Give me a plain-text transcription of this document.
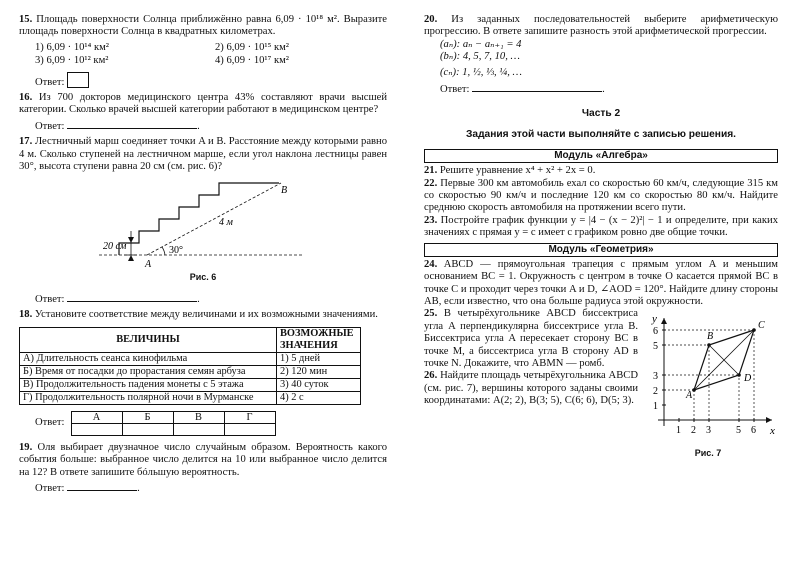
15. Площадь поверхности Солнца приближённо равна 6,09 · 10¹⁸ м². Выразите площадь поверхности Солнца в квадратных километрах.

1) 6,09 · 10¹⁴ км²	2) 6,09 · 10¹⁵ км²
3) 6,09 · 10¹² км²	4) 6,09 · 10¹⁷ км²

Ответ:

16. Из 700 докторов медицинского центра 43% составляют врачи высшей категории. Сколько врачей высшей категории работают в медицинском центре?

Ответ:	.

17. Лестничный марш соединяет точки A и B. Расстояние между которыми равно 4 м. Сколько ступеней на лестничном марше, если угол наклона лестницы равен 30°, высота ступени равна 20 см (см. рис. 6)?

20 см	30°
A
B
4 м

Рис. 6

Ответ:	.

18. Установите соответствие между величинами и их возможными значениями.

ВЕЛИЧИНЫ	ВОЗМОЖНЫЕ ЗНАЧЕНИЯ
А) Длительность сеанса кинофильма	1) 5 дней
Б) Время от посадки до прорастания семян арбуза	2) 120 мин
В) Продолжительность падения монеты с 5 этажа	3) 40 суток
Г) Продолжительность полярной ночи в Мурманске	4) 2 с
Ответ:	А	Б	В	Г

19. Оля выбирает двузначное число случайным образом. Вероятность какого события больше: выбранное число делится на 10 или выбранное число делится на 12? В ответе запишите бóльшую вероятность.

Ответ:	.

20. Из заданных последовательностей выберите арифметическую прогрессию. В ответе запишите разность этой арифметической прогрессии.

(aₙ): aₙ − aₙ₊₁ = 4

(bₙ): 4, 5, 7, 10, …

(cₙ): 1, ½, ⅓, ¼, …

Ответ:	.

Часть 2

Задания этой части выполняйте с записью решения.

Модуль «Алгебра»

21. Решите уравнение x⁴ + x² + 2x = 0.

22. Первые 300 км автомобиль ехал со скоростью 60 км/ч, следующие 315 км со скоростью 90 км/ч и последние 120 км со скоростью 80 км/ч. Найдите среднюю скорость автомобиля на протяжении всего пути.

23. Постройте график функции y = |4 − (x − 2)²| − 1 и определите, при каких значениях c прямая y = c имеет с графиком ровно две общие точки.

Модуль «Геометрия»

24. ABCD — прямоугольная трапеция с прямым углом A и меньшим основанием BC = 1. Окружность с центром в точке O касается прямой BC в точке C и проходит через точки A и D, ∠AOD = 120°. Найдите длину стороны AB, если известно, что она больше радиуса этой окружности.

25. В четырёхугольнике ABCD биссектриса угла A перпендикулярна биссектрисе угла B. Биссектриса угла A пересекает сторону BC в точке M, а биссектриса угла B сторону AD в точке N. Докажите, что ABMN — ромб.

26. Найдите площадь четырёхугольника ABCD (см. рис. 7), вершины которого заданы своими координатами: A(2; 2), B(3; 5), C(6; 6), D(5; 3).

x
y
1 2 3	5 6
1
2
3
5
6
A
B
C
D

Рис. 7
